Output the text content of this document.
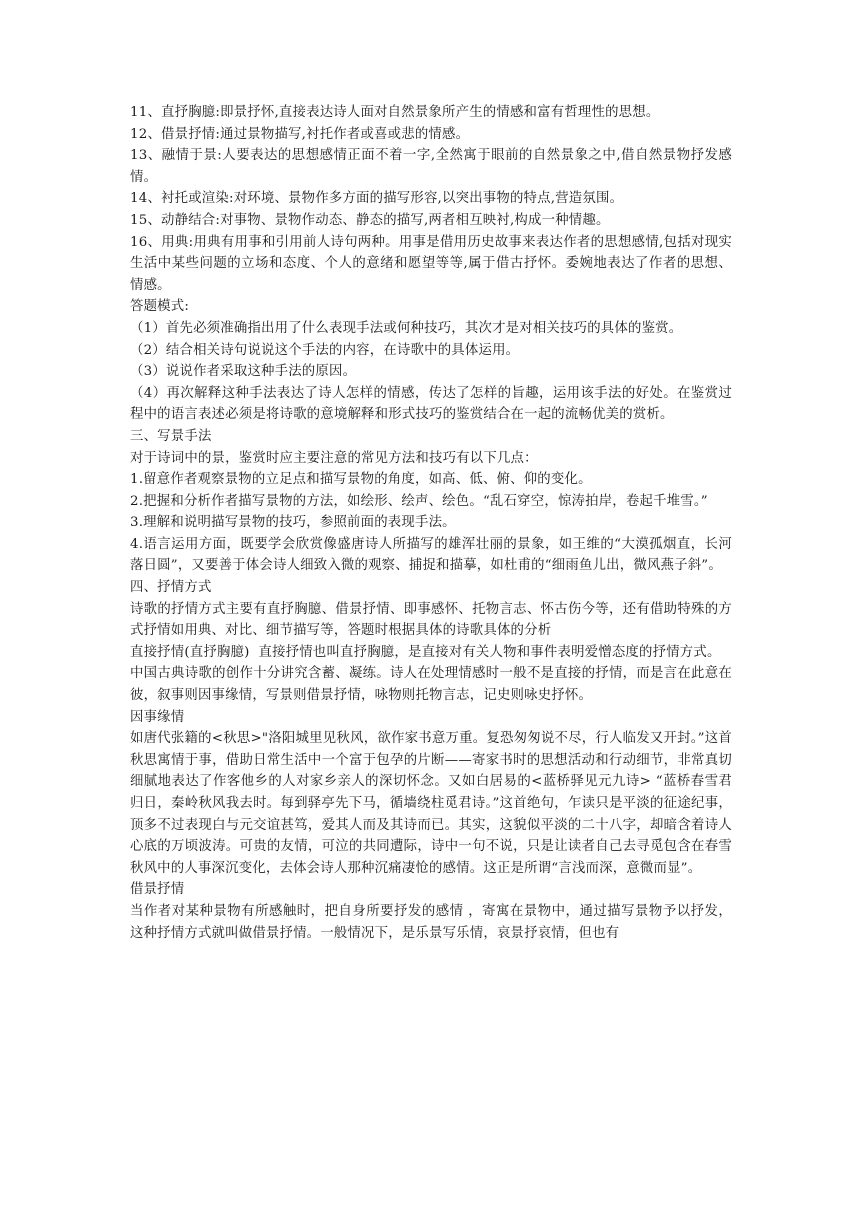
11、直抒胸臆:即景抒怀,直接表达诗人面对自然景象所产生的情感和富有哲理性的思想。
12、借景抒情:通过景物描写,衬托作者或喜或悲的情感。
13、融情于景:人要表达的思想感情正面不着一字,全然寓于眼前的自然景象之中,借自然景物抒发感情。
14、衬托或渲染:对环境、景物作多方面的描写形容,以突出事物的特点,营造氛围。
15、动静结合:对事物、景物作动态、静态的描写,两者相互映衬,构成一种情趣。
16、用典:用典有用事和引用前人诗句两种。用事是借用历史故事来表达作者的思想感情,包括对现实生活中某些问题的立场和态度、个人的意绪和愿望等等,属于借古抒怀。委婉地表达了作者的思想、情感。
答题模式:
（1）首先必须准确指出用了什么表现手法或何种技巧，其次才是对相关技巧的具体的鉴赏。
（2）结合相关诗句说说这个手法的内容，在诗歌中的具体运用。
（3）说说作者采取这种手法的原因。
（4）再次解释这种手法表达了诗人怎样的情感，传达了怎样的旨趣，运用该手法的好处。在鉴赏过程中的语言表述必须是将诗歌的意境解释和形式技巧的鉴赏结合在一起的流畅优美的赏析。
三、写景手法
对于诗词中的景，鉴赏时应主要注意的常见方法和技巧有以下几点：
1.留意作者观察景物的立足点和描写景物的角度，如高、低、俯、仰的变化。
2.把握和分析作者描写景物的方法，如绘形、绘声、绘色。“乱石穿空，惊涛拍岸，卷起千堆雪。”
3.理解和说明描写景物的技巧，参照前面的表现手法。
4.语言运用方面，既要学会欣赏像盛唐诗人所描写的雄浑壮丽的景象，如王维的“大漠孤烟直，长河落日圆”，又要善于体会诗人细致入微的观察、捕捉和描摹，如杜甫的“细雨鱼儿出，微风燕子斜”。
四、抒情方式
诗歌的抒情方式主要有直抒胸臆、借景抒情、即事感怀、托物言志、怀古伤今等，还有借助特殊的方式抒情如用典、对比、细节描写等，答题时根据具体的诗歌具体的分析
直接抒情(直抒胸臆)  直接抒情也叫直抒胸臆，是直接对有关人物和事件表明爱憎态度的抒情方式。
中国古典诗歌的创作十分讲究含蓄、凝练。诗人在处理情感时一般不是直接的抒情，而是言在此意在彼，叙事则因事缘情，写景则借景抒情，咏物则托物言志，记史则咏史抒怀。
因事缘情
如唐代张籍的<秋思>"洛阳城里见秋风，欲作家书意万重。复恐匆匆说不尽，行人临发又开封。”这首秋思寓情于事，借助日常生活中一个富于包孕的片断——寄家书时的思想活动和行动细节，非常真切细腻地表达了作客他乡的人对家乡亲人的深切怀念。又如白居易的<蓝桥驿见元九诗> “蓝桥春雪君归日，秦岭秋风我去时。每到驿亭先下马，循墙绕柱觅君诗。”这首绝句，乍读只是平淡的征途纪事，顶多不过表现白与元交谊甚笃，爱其人而及其诗而已。其实，这貌似平淡的二十八字，却暗含着诗人心底的万顷波涛。可贵的友情，可泣的共同遭际，诗中一句不说，只是让读者自己去寻觅包含在春雪秋风中的人事深沉变化，去体会诗人那种沉痛凄怆的感情。这正是所谓“言浅而深，意微而显”。
借景抒情
当作者对某种景物有所感触时，把自身所要抒发的感情 ，寄寓在景物中，通过描写景物予以抒发，这种抒情方式就叫做借景抒情。一般情况下，是乐景写乐情，哀景抒哀情，但也有
